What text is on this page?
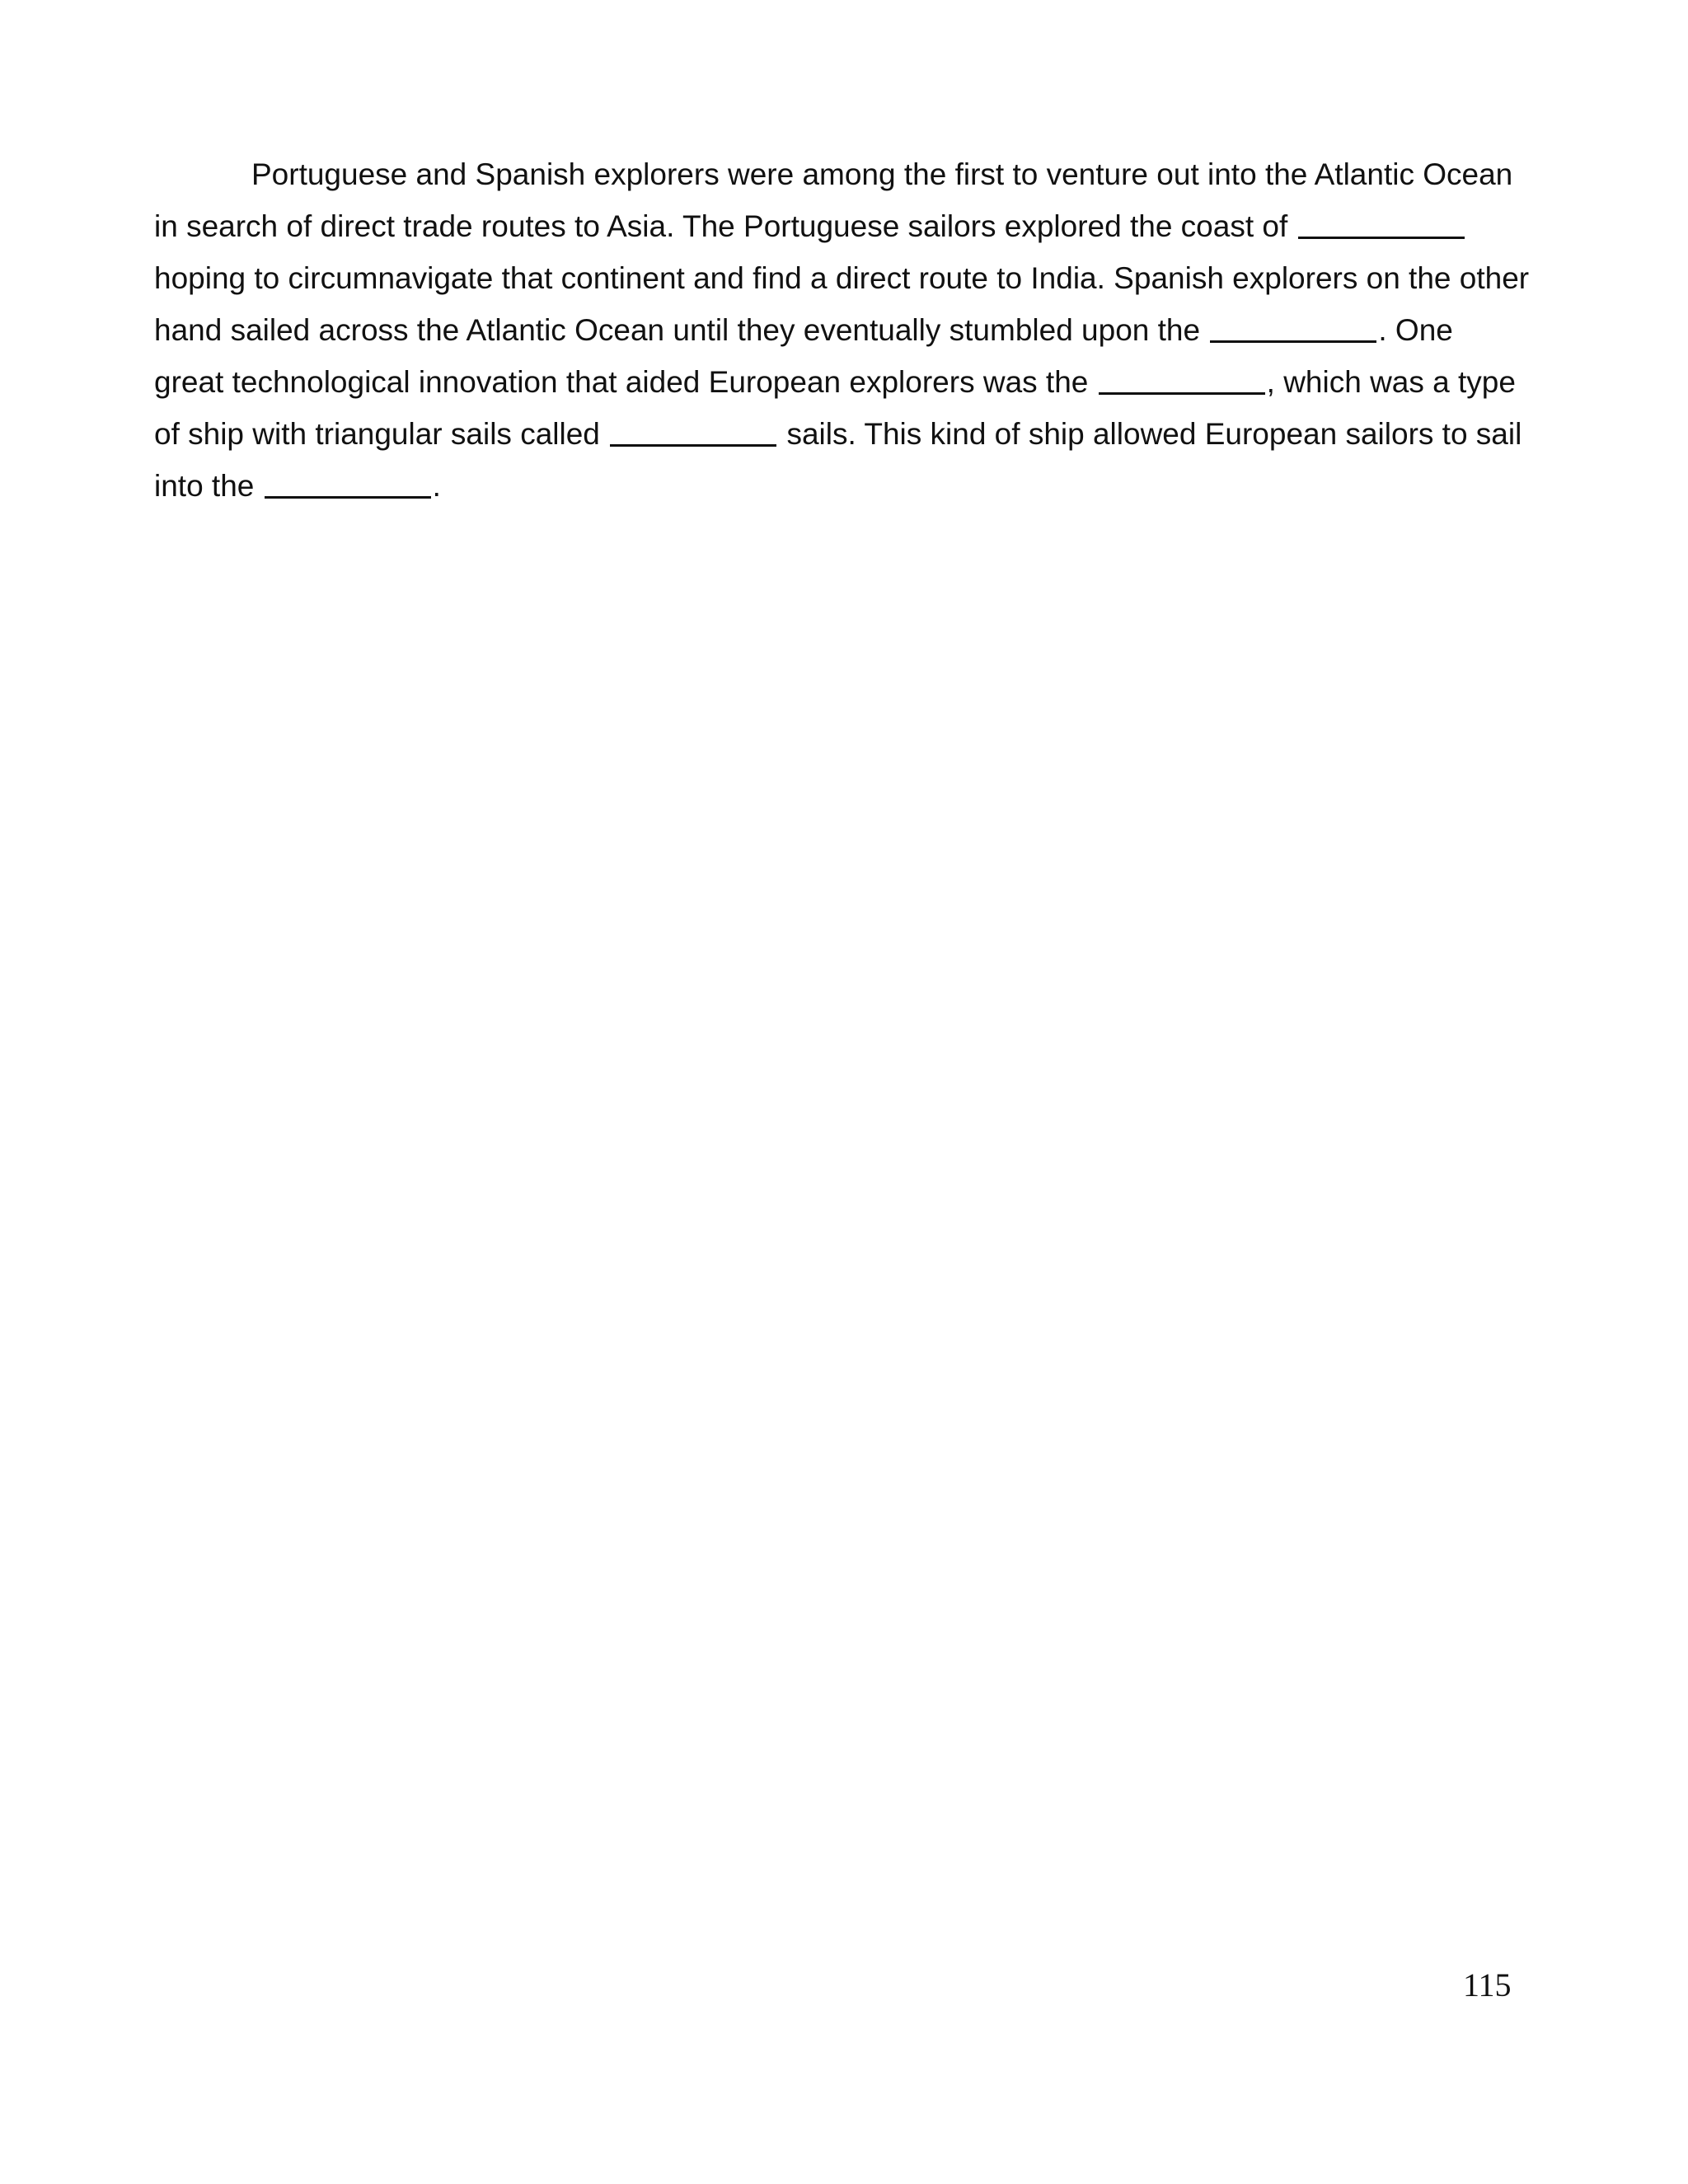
Portuguese and Spanish explorers were among the first to venture out into the Atlantic Ocean
in search of direct trade routes to Asia. The Portuguese sailors explored the coast of
hoping to circumnavigate that continent and find a direct route to India. Spanish explorers on the other
hand sailed across the Atlantic Ocean until they eventually stumbled upon the	. One
great technological innovation that aided European explorers was the	, which was a type
of ship with triangular sails called	sails. This kind of ship allowed European sailors to sail
into the	.

115
